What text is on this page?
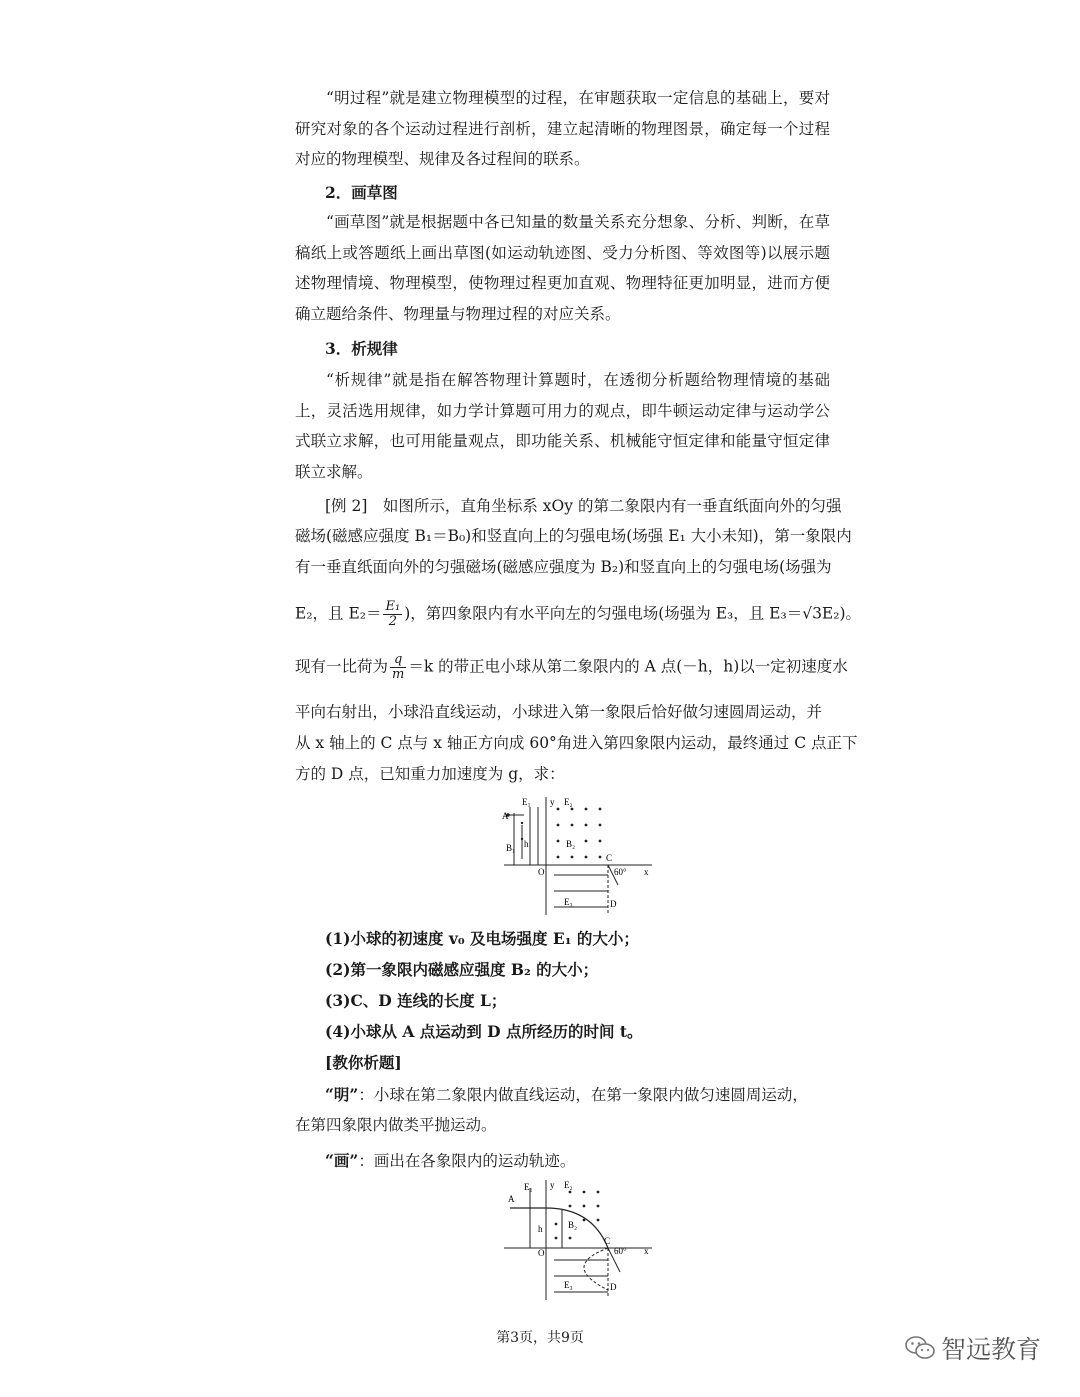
“明过程”就是建立物理模型的过程，在审题获取一定信息的基础上，要对研究对象的各个运动过程进行剖析，建立起清晰的物理图景，确定每一个过程对应的物理模型、规律及各过程间的联系。

2．画草图

“画草图”就是根据题中各已知量的数量关系充分想象、分析、判断，在草稿纸上或答题纸上画出草图(如运动轨迹图、受力分析图、等效图等)以展示题述物理情境、物理模型，使物理过程更加直观、物理特征更加明显，进而方便确立题给条件、物理量与物理过程的对应关系。

3．析规律

“析规律”就是指在解答物理计算题时，在透彻分析题给物理情境的基础上，灵活选用规律，如力学计算题可用力的观点，即牛顿运动定律与运动学公式联立求解，也可用能量观点，即功能关系、机械能守恒定律和能量守恒定律联立求解。

[例 2]　如图所示，直角坐标系 xOy 的第二象限内有一垂直纸面向外的匀强

磁场(磁感应强度 B₁＝B₀)和竖直向上的匀强电场(场强 E₁ 大小未知)，第一象限内

有一垂直纸面向外的匀强磁场(磁感应强度为 B₂)和竖直向上的匀强电场(场强为

E₂，且 $E_2= \frac{\text{E₁}}{2}$ )，第四象限内有水平向左的匀强电场(场强为 E₃，且 E₃＝√3E₂)。

现有一比荷为 $\frac{q}{m} =k$ 的带正电小球从第二象限内的 A 点(－h，h)以一定初速度水

平向右射出，小球沿直线运动，小球进入第一象限后恰好做匀速圆周运动，并

从 x 轴上的 C 点与 x 轴正方向成 60°角进入第四象限内运动，最终通过 C 点正下

方的 D 点，已知重力加速度为 g，求：

E₁ y E₂
A
h
B₁	B₂
C
60° x
O
E₃	D

(1)小球的初速度 v₀ 及电场强度 E₁ 的大小；

(2)第一象限内磁感应强度 B₂ 的大小；

(3)C、D 连线的长度 L；

(4)小球从 A 点运动到 D 点所经历的时间 t。

[教你析题]

“明”：小球在第二象限内做直线运动，在第一象限内做匀速圆周运动，

在第四象限内做类平抛运动。

“画”：画出在各象限内的运动轨迹。

A
E₁ y E₂
h	B₂
C
60° x
O
E₃	D
第3页，共9页	智远教育
